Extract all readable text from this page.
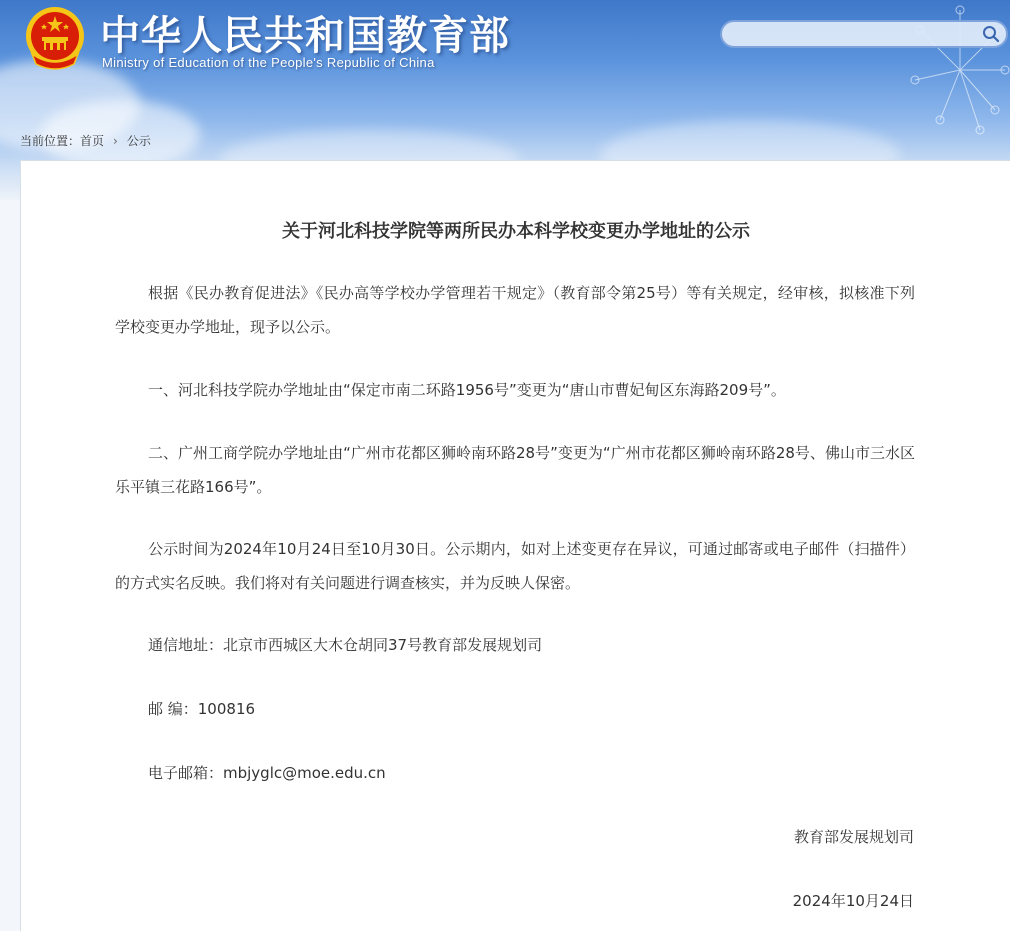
中华人民共和国教育部

Ministry of Education of the People's Republic of China

当前位置：首页 › 公示
关于河北科技学院等两所民办本科学校变更办学地址的公示

根据《民办教育促进法》《民办高等学校办学管理若干规定》（教育部令第25号）等有关规定，经审核，拟核准下列学校变更办学地址，现予以公示。

一、河北科技学院办学地址由“保定市南二环路1956号”变更为“唐山市曹妃甸区东海路209号”。

二、广州工商学院办学地址由“广州市花都区狮岭南环路28号”变更为“广州市花都区狮岭南环路28号、佛山市三水区乐平镇三花路166号”。

公示时间为2024年10月24日至10月30日。公示期内，如对上述变更存在异议，可通过邮寄或电子邮件（扫描件）的方式实名反映。我们将对有关问题进行调查核实，并为反映人保密。

通信地址：北京市西城区大木仓胡同37号教育部发展规划司

邮 编：100816

电子邮箱：mbjyglc@moe.edu.cn

教育部发展规划司

2024年10月24日
